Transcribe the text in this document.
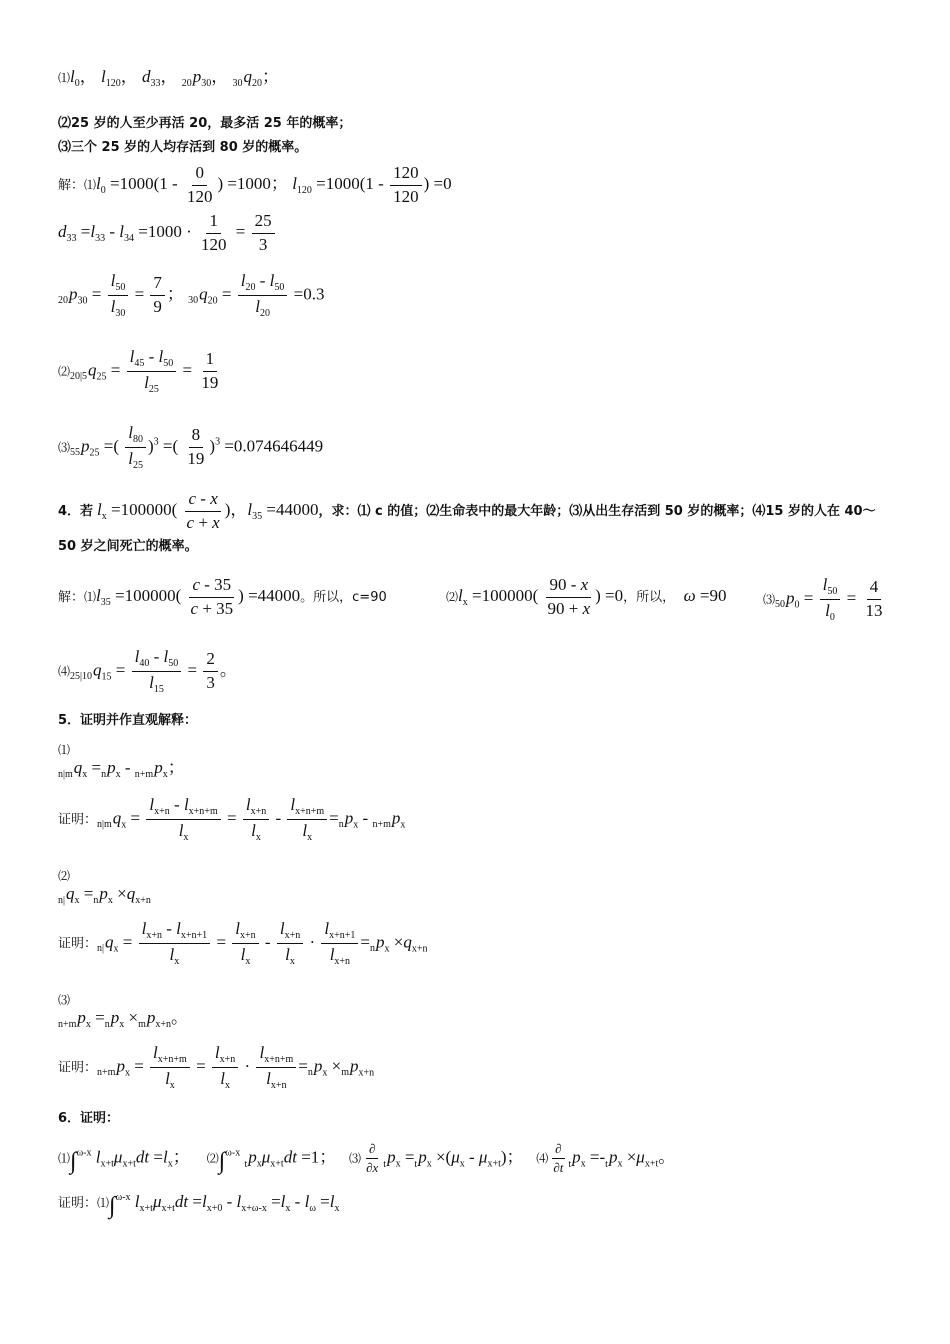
$⑴l_0$， $l_{120}$， $d_{33}$， $_{20}p_{30}$， $_{30}q_{20}$；
⑵25 岁的人至少再活 20，最多活 25 年的概率；
⑶三个 25 岁的人均存活到 80 岁的概率。
解：$⑴l_0 =1000(1 - \frac{0}{120}$ ) =1000； $l_{120} =1000(1 - \frac{120}{120}$ ) =0
$d_{33} =l_{33} - l_{34} =1000 \cdot \frac{1}{120} = \frac{25}{3}$
$_{20}p_{30} = \frac{l_{50}}{l_{30}} = \frac{7}{9}$ ； $_{30}q_{20} = \frac{l_{20} - l_{50}}{l_{20}} =0.3$
$⑵_{20|5}q_{25} = \frac{l_{45} - l_{50}}{l_{25}} = \frac{1}{19}$
$⑶_{55}p_{25}$ =( $\frac{l_{80}}{l_{25}} )^3$ =( $\frac{8}{19} )^3 =0.074646449$
4．若 $l_x =100000( \frac{c - x}{c + x}$ )，$l_{35} =44000$，求：⑴ c 的值；⑵生命表中的最大年龄；⑶从出生存活到 50 岁的概率；⑷15 岁的人在 40～
50 岁之间死亡的概率。
解：$⑴l_{35} =100000( \frac{c - 35}{c + 35}$ ) =44000。所以，c=90	$⑵l_x =100000( \frac{90 - x}{90 + x}$ ) =0，所以， ω =90	$⑶_{50}p_0 = \frac{l_{50}}{l_0} = \frac{4}{13}$
$⑷_{25|10}q_{15} = \frac{l_{40} - l_{50}}{l_{15}} = \frac{2}{3}$ 。
5．证明并作直观解释：
⑴
$_{n|m}q_x =_np_x - _{n+m}p_x$；
证明：$_{n|m}q_x = \frac{l_{x+n} - l_{x+n+m}}{l_x} = \frac{l_{x+n}}{l_x} - \frac{l_{x+n+m}}{l_x} =_np_x - _{n+m}p_x$
⑵
$_{n|}q_x =_np_x \times q_{x+n}$
证明：$_{n|}q_x = \frac{l_{x+n} - l_{x+n+1}}{l_x} = \frac{l_{x+n}}{l_x} - \frac{l_{x+n}}{l_x} \cdot \frac{l_{x+n+1}}{l_{x+n}} =_np_x \times q_{x+n}$
⑶
$_{n+m}p_x =_np_x \times_mp_{x+n}$。
证明：$_{n+m}p_x = \frac{l_{x+n+m}}{l_x} = \frac{l_{x+n}}{l_x} \cdot \frac{l_{x+n+m}}{l_{x+n}} =_np_x \times_mp_{x+n}$
6．证明：
⑴∫$^{\omega-x}$ $l_{x+t}\mu_{x+t}dt =l_x$；    ⑵∫$^{\omega-x}$ $_tp_x\mu_{x+t}dt =1$；   ⑶ $\frac{\partial}{\partial x} _tp_x =_tp_x \times(\mu_x - \mu_{x+t})$；   ⑷ $\frac{\partial}{\partial t} _tp_x =-_tp_x \times\mu_{x+t}$。
证明：⑴∫$^{\omega-x}$ $l_{x+t}\mu_{x+t}dt =l_{x+0} - l_{x+\omega-x} =l_x - l_\omega =l_x$
